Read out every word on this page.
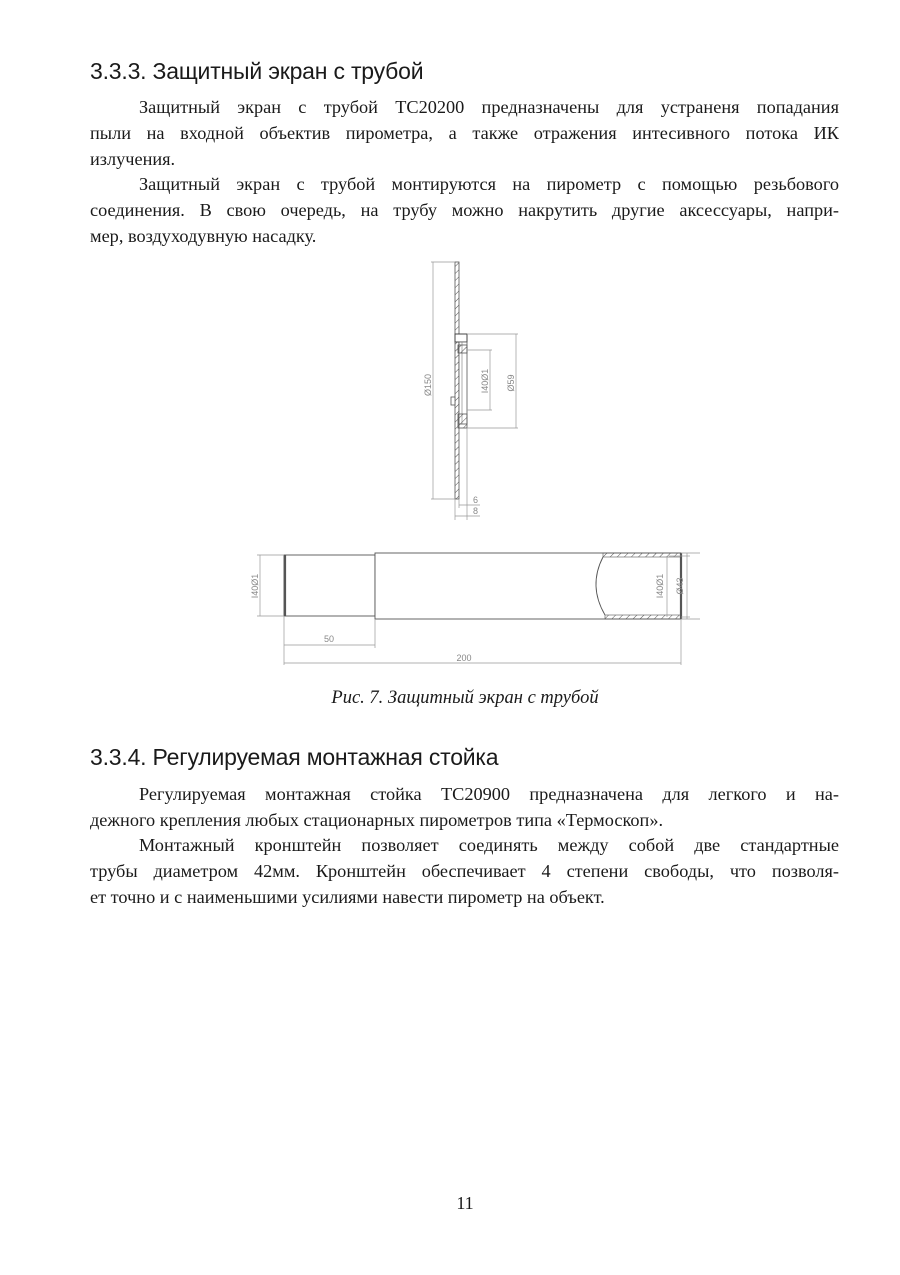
3.3.3. Защитный экран с трубой

Защитный экран с трубой ТС20200 предназначены для устраненя попадания
пыли на входной объектив пирометра, а также отражения интесивного потока ИК
излучения.

Защитный экран с трубой монтируются на пирометр с помощью резьбового
соединения. В свою очередь, на трубу можно накрутить другие аксессуары, напри-
мер, воздуходувную насадку.

Ø150	I40Ø1 Ø59
6
8
I40Ø1
50
200
I40Ø1 Ø43
Рис. 7. Защитный экран с трубой
3.3.4. Регулируемая монтажная стойка

Регулируемая монтажная стойка ТС20900 предназначена для легкого и на-
дежного крепления любых стационарных пирометров типа «Термоскоп».

Монтажный кронштейн позволяет соединять между собой две стандартные
трубы диаметром 42мм. Кронштейн обеспечивает 4 степени свободы, что позволя-
ет точно и с наименьшими усилиями навести пирометр на объект.

11
